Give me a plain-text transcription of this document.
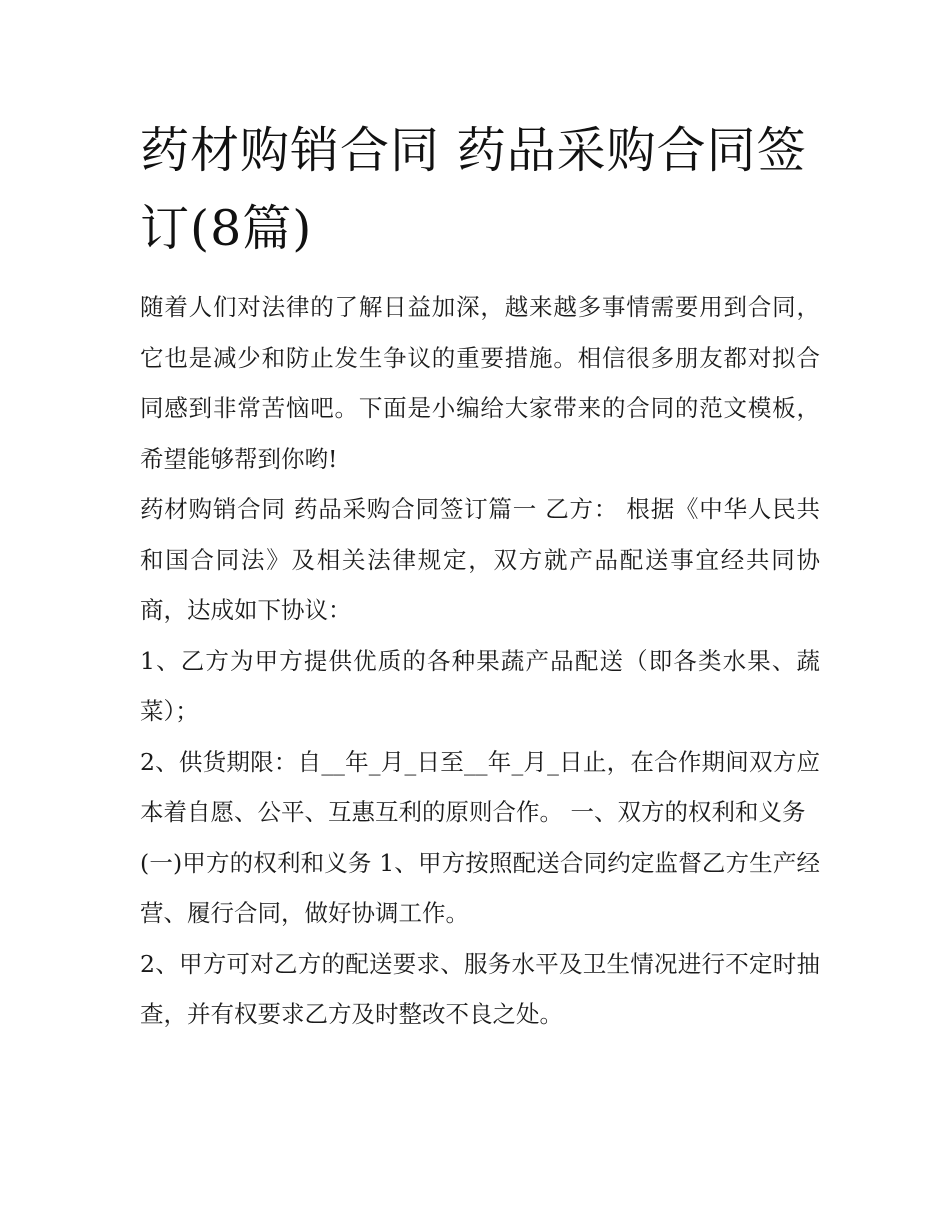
药材购销合同 药品采购合同签订(8篇)

随着人们对法律的了解日益加深，越来越多事情需要用到合同，它也是减少和防止发生争议的重要措施。相信很多朋友都对拟合同感到非常苦恼吧。下面是小编给大家带来的合同的范文模板，希望能够帮到你哟!

药材购销合同 药品采购合同签订篇一 乙方： 根据《中华人民共和国合同法》及相关法律规定，双方就产品配送事宜经共同协商，达成如下协议：

1、乙方为甲方提供优质的各种果蔬产品配送（即各类水果、蔬菜）；

2、供货期限：自__年_月_日至__年_月_日止，在合作期间双方应本着自愿、公平、互惠互利的原则合作。 一、双方的权利和义务

(一)甲方的权利和义务 1、甲方按照配送合同约定监督乙方生产经营、履行合同，做好协调工作。

2、甲方可对乙方的配送要求、服务水平及卫生情况进行不定时抽查，并有权要求乙方及时整改不良之处。
